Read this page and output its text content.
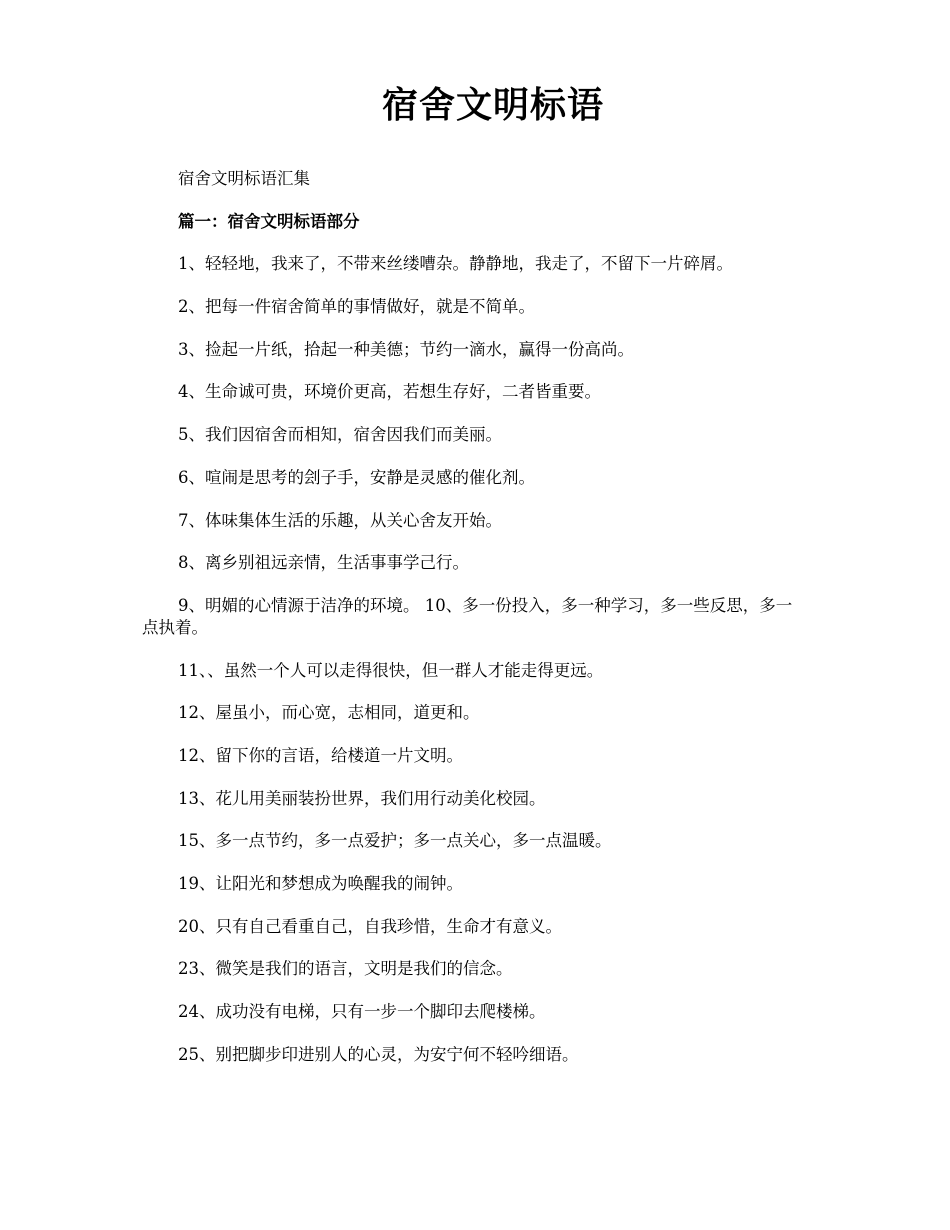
宿舍文明标语

宿舍文明标语汇集

篇一：宿舍文明标语部分

1、轻轻地，我来了，不带来丝缕嘈杂。静静地，我走了，不留下一片碎屑。

2、把每一件宿舍简单的事情做好，就是不简单。

3、捡起一片纸，拾起一种美德；节约一滴水，赢得一份高尚。

4、生命诚可贵，环境价更高，若想生存好，二者皆重要。

5、我们因宿舍而相知，宿舍因我们而美丽。

6、喧闹是思考的刽子手，安静是灵感的催化剂。

7、体味集体生活的乐趣，从关心舍友开始。

8、离乡别祖远亲情，生活事事学己行。

9、明媚的心情源于洁净的环境。 10、多一份投入，多一种学习，多一些反思，多一点执着。

11、、虽然一个人可以走得很快，但一群人才能走得更远。

12、屋虽小，而心宽，志相同，道更和。

12、留下你的言语，给楼道一片文明。

13、花儿用美丽装扮世界，我们用行动美化校园。

15、多一点节约，多一点爱护；多一点关心，多一点温暖。

19、让阳光和梦想成为唤醒我的闹钟。

20、只有自己看重自己，自我珍惜，生命才有意义。

23、微笑是我们的语言，文明是我们的信念。

24、成功没有电梯，只有一步一个脚印去爬楼梯。

25、别把脚步印进别人的心灵，为安宁何不轻吟细语。
